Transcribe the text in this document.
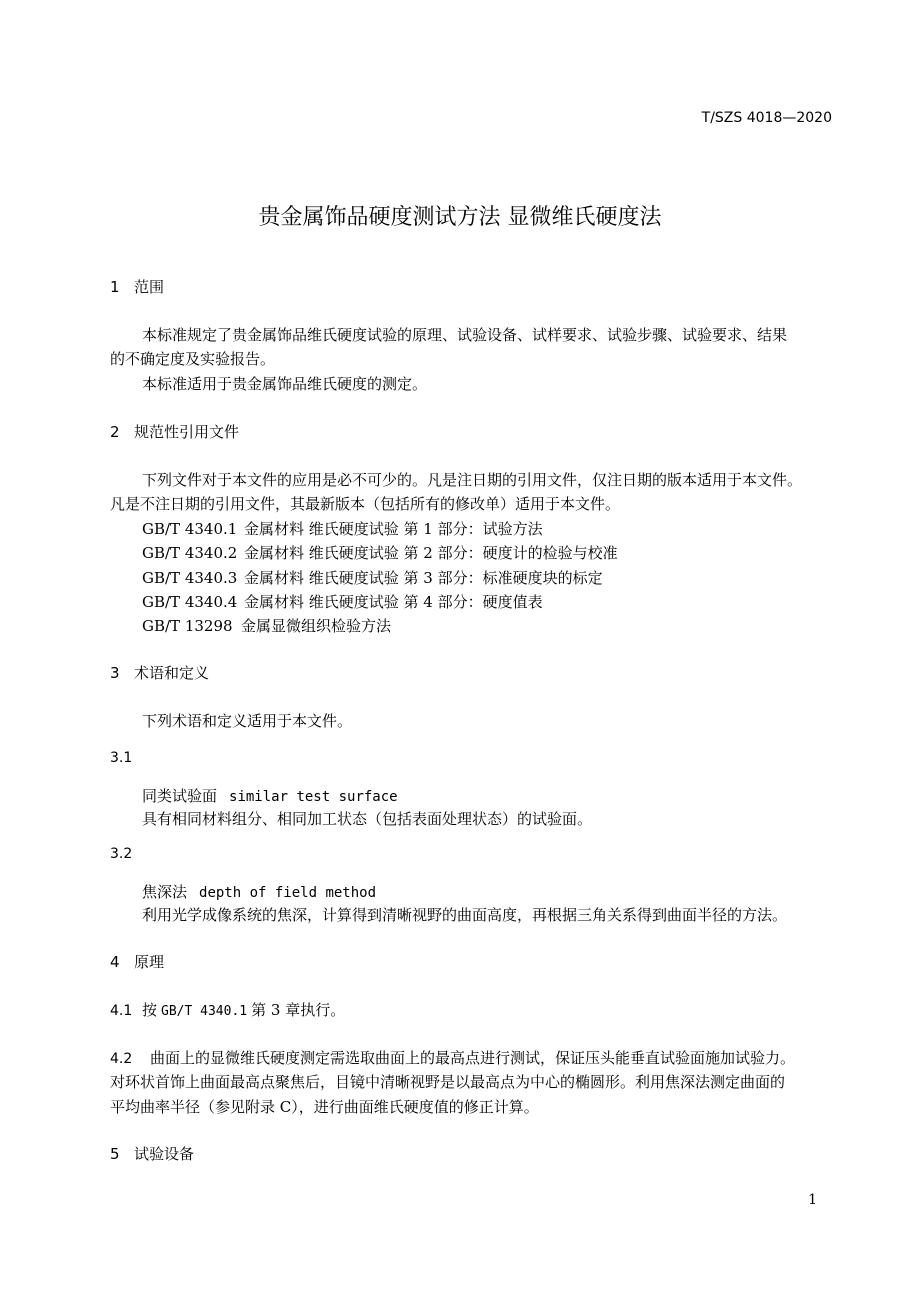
T/SZS 4018—2020
贵金属饰品硬度测试方法 显微维氏硬度法
1 范围
本标准规定了贵金属饰品维氏硬度试验的原理、试验设备、试样要求、试验步骤、试验要求、结果
的不确定度及实验报告。
本标准适用于贵金属饰品维氏硬度的测定。
2 规范性引用文件
下列文件对于本文件的应用是必不可少的。凡是注日期的引用文件，仅注日期的版本适用于本文件。
凡是不注日期的引用文件，其最新版本（包括所有的修改单）适用于本文件。
GB/T 4340.1 金属材料 维氏硬度试验 第 1 部分：试验方法
GB/T 4340.2 金属材料 维氏硬度试验 第 2 部分：硬度计的检验与校准
GB/T 4340.3 金属材料 维氏硬度试验 第 3 部分：标准硬度块的标定
GB/T 4340.4 金属材料 维氏硬度试验 第 4 部分：硬度值表
GB/T 13298 金属显微组织检验方法
3 术语和定义
下列术语和定义适用于本文件。
3.1
同类试验面 similar test surface
具有相同材料组分、相同加工状态（包括表面处理状态）的试验面。
3.2
焦深法 depth of field method
利用光学成像系统的焦深，计算得到清晰视野的曲面高度，再根据三角关系得到曲面半径的方法。
4 原理
4.1 按 GB/T 4340.1 第 3 章执行。
4.2 曲面上的显微维氏硬度测定需选取曲面上的最高点进行测试，保证压头能垂直试验面施加试验力。
对环状首饰上曲面最高点聚焦后，目镜中清晰视野是以最高点为中心的椭圆形。利用焦深法测定曲面的
平均曲率半径（参见附录 C），进行曲面维氏硬度值的修正计算。
5 试验设备
1
